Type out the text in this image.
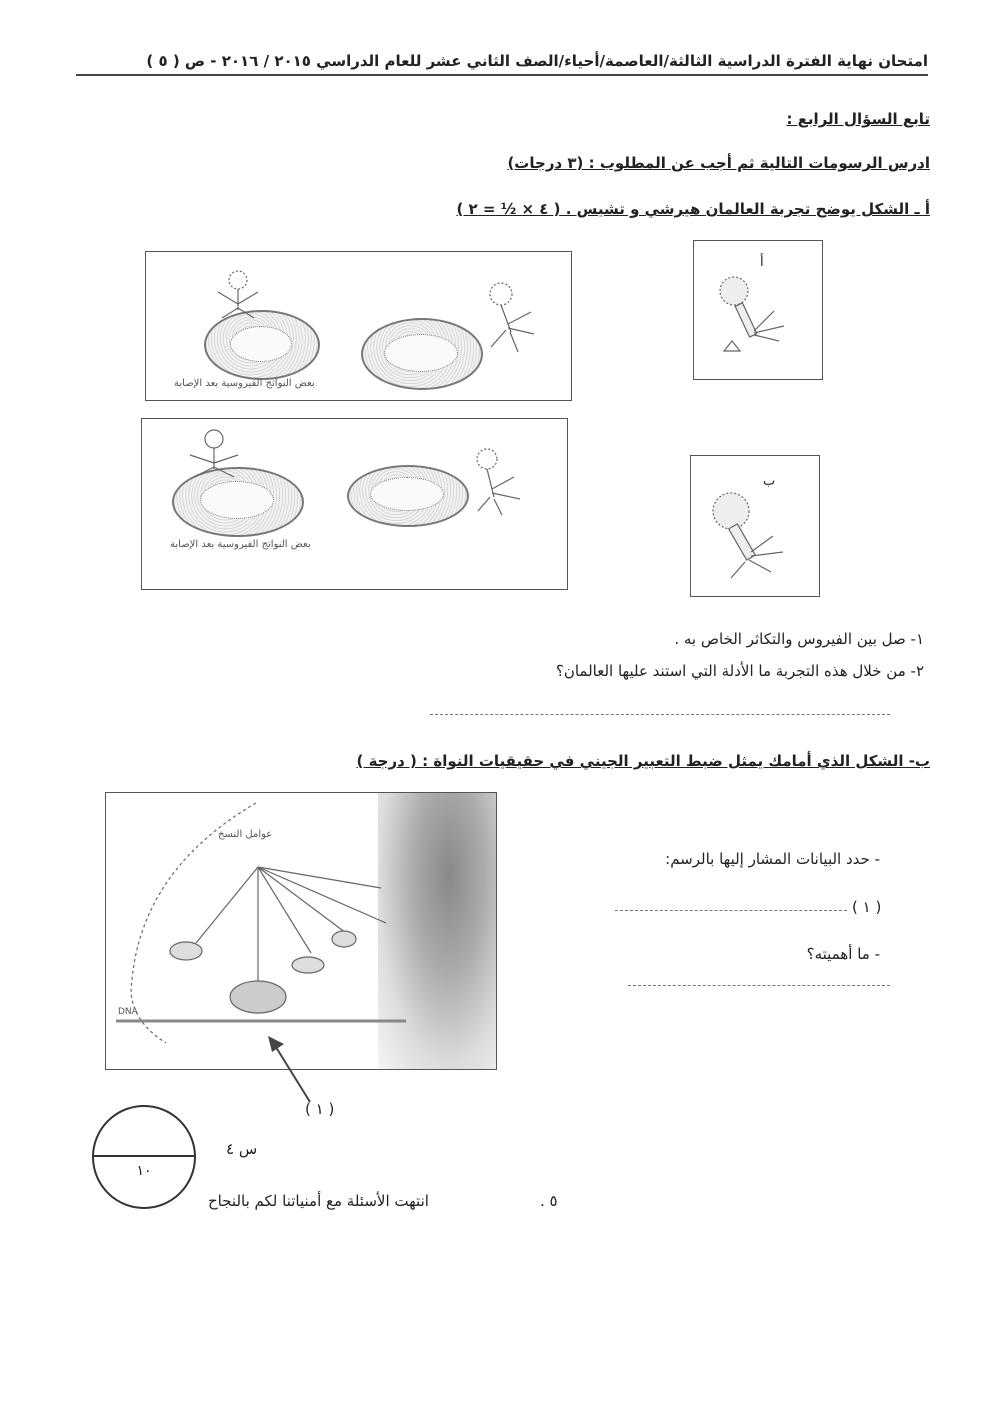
امتحان نهاية الفترة الدراسية الثالثة/العاصمة/أحياء/الصف الثاني عشر للعام الدراسي ٢٠١٥ / ٢٠١٦ - ص ( ٥ )
تابع السؤال الرابع :
ادرس الرسومات التالية ثم أجب عن المطلوب : (٣ درجات)
أ ـ الشكل يوضح تجربة العالمان هيرشي و تشيس . ( ٤ × ½ = ٢ )
بعض النواتج الفيروسية بعد الإصابة
بعض النواتج الفيروسية بعد الإصابة
أ
ب
١- صل بين الفيروس والتكاثر الخاص به .
٢- من خلال هذه التجربة ما الأدلة التي استند عليها العالمان؟
ب- الشكل الذي أمامك يمثل ضبط التعبير الجيني في حقيقيات النواة : ( درجة )
عوامل النسخ
DNA
( ١ )
- حدد البيانات المشار إليها بالرسم:
( ١ )
- ما أهميته؟
١٠
س ٤
انتهت الأسئلة مع أمنياتنا لكم بالنجاح	٥ .
